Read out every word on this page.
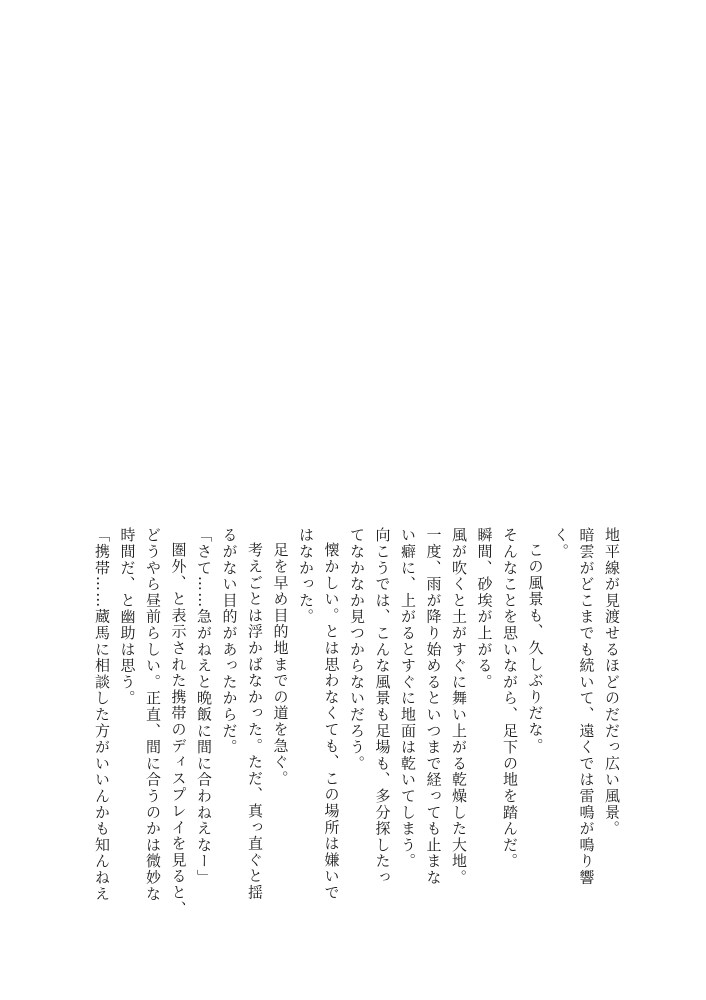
地平線が見渡せるほどのだだっ広い風景。

暗雲がどこまでも続いて、遠くでは雷鳴が鳴り響

く。

この風景も、久しぶりだな。

そんなことを思いながら、足下の地を踏んだ。

瞬間、砂埃が上がる。

風が吹くと土がすぐに舞い上がる乾燥した大地。

一度、雨が降り始めるといつまで経っても止まな

い癖に、上がるとすぐに地面は乾いてしまう。

向こうでは、こんな風景も足場も、多分探したっ

てなかなか見つからないだろう。

懐かしい。とは思わなくても、この場所は嫌いで

はなかった。

足を早め目的地までの道を急ぐ。

考えごとは浮かばなかった。ただ、真っ直ぐと揺

るがない目的があったからだ。

「さて……急がねえと晩飯に間に合わねえなー」

圏外、と表示された携帯のディスプレイを見ると、

どうやら昼前らしい。正直、間に合うのかは微妙な

時間だ、と幽助は思う。

「携帯……蔵馬に相談した方がいいんかも知んねえ
